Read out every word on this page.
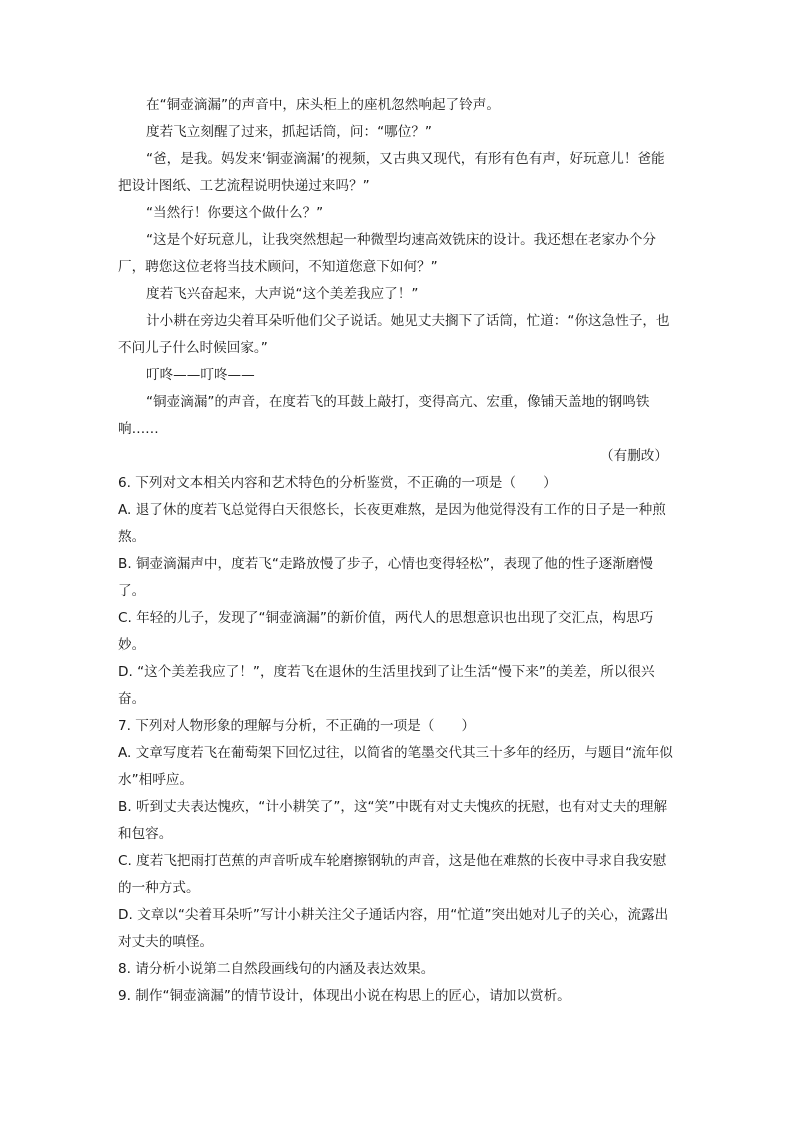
在“铜壶滴漏”的声音中，床头柜上的座机忽然响起了铃声。

度若飞立刻醒了过来，抓起话筒，问：“哪位？”

“爸，是我。妈发来‘铜壶滴漏’的视频，又古典又现代，有形有色有声，好玩意儿！爸能把设计图纸、工艺流程说明快递过来吗？”

“当然行！你要这个做什么？”

“这是个好玩意儿，让我突然想起一种微型均速高效铣床的设计。我还想在老家办个分厂，聘您这位老将当技术顾问，不知道您意下如何？”

度若飞兴奋起来，大声说“这个美差我应了！”

计小耕在旁边尖着耳朵听他们父子说话。她见丈夫搁下了话筒，忙道：“你这急性子，也不问儿子什么时候回家。”

叮咚——叮咚——

“铜壶滴漏”的声音，在度若飞的耳鼓上敲打，变得高亢、宏重，像铺天盖地的钢鸣铁响……

（有删改）

6. 下列对文本相关内容和艺术特色的分析鉴赏，不正确的一项是（　　）

A. 退了休的度若飞总觉得白天很悠长，长夜更难熬，是因为他觉得没有工作的日子是一种煎熬。

B. 铜壶滴漏声中，度若飞“走路放慢了步子，心情也变得轻松”，表现了他的性子逐渐磨慢了。

C. 年轻的儿子，发现了“铜壶滴漏”的新价值，两代人的思想意识也出现了交汇点，构思巧妙。

D. “这个美差我应了！”，度若飞在退休的生活里找到了让生活“慢下来”的美差，所以很兴奋。

7. 下列对人物形象的理解与分析，不正确的一项是（　　）

A. 文章写度若飞在葡萄架下回忆过往，以简省的笔墨交代其三十多年的经历，与题目“流年似水”相呼应。

B. 听到丈夫表达愧疚，“计小耕笑了”，这“笑”中既有对丈夫愧疚的抚慰，也有对丈夫的理解和包容。

C. 度若飞把雨打芭蕉的声音听成车轮磨擦钢轨的声音，这是他在难熬的长夜中寻求自我安慰的一种方式。

D. 文章以“尖着耳朵听”写计小耕关注父子通话内容，用“忙道”突出她对儿子的关心，流露出对丈夫的嗔怪。

8. 请分析小说第二自然段画线句的内涵及表达效果。

9. 制作“铜壶滴漏”的情节设计，体现出小说在构思上的匠心，请加以赏析。
